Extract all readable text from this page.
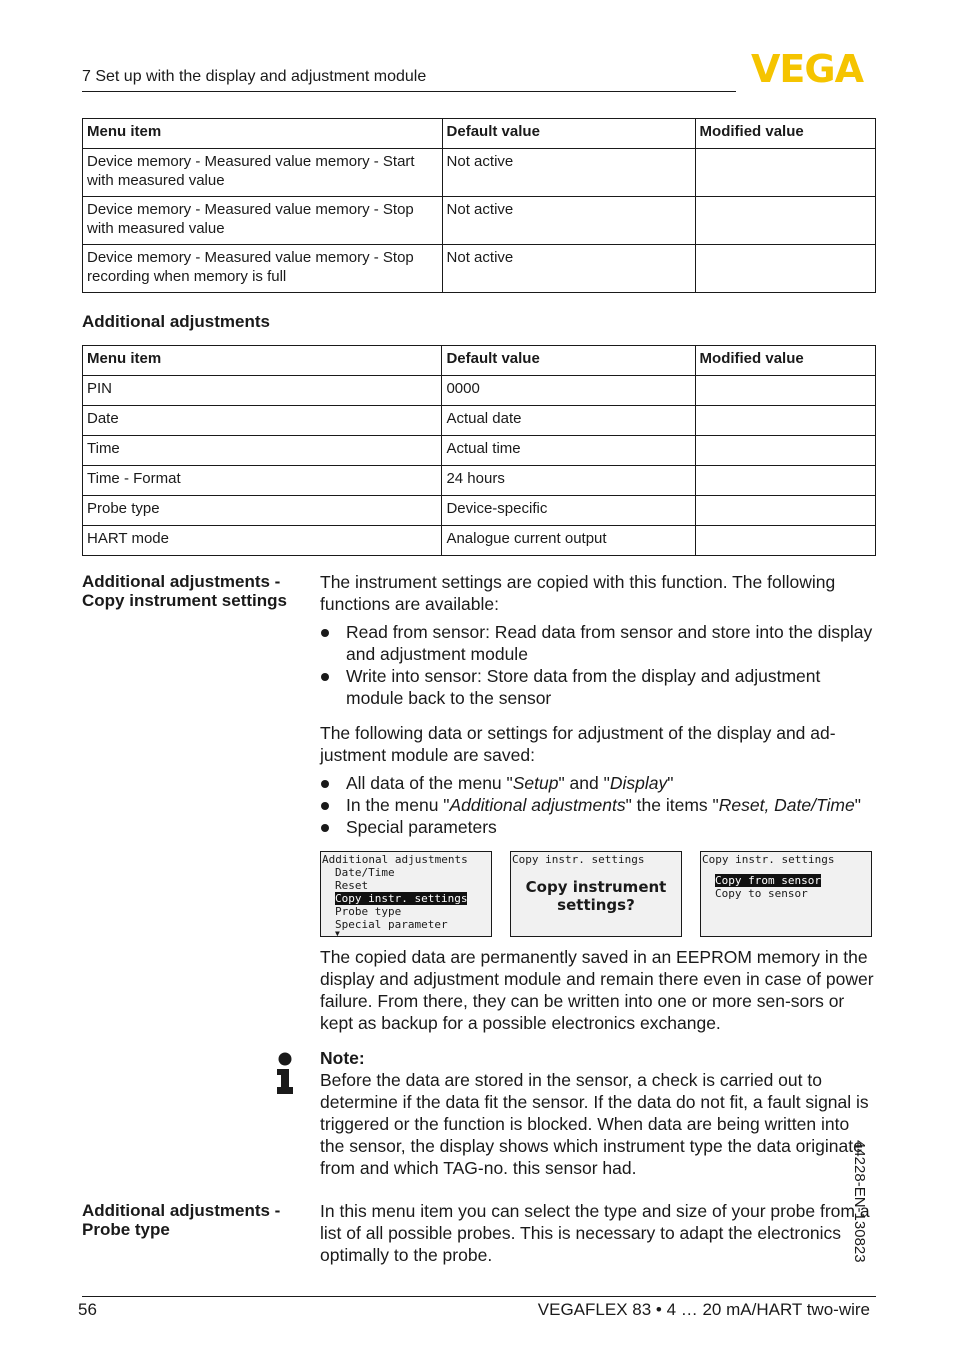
7 Set up with the display and adjustment module	VEGA
Menu item	Default value	Modified value
Device memory - Measured value memory - Start with measured value	Not active	
Device memory - Measured value memory - Stop with measured value	Not active	
Device memory - Measured value memory - Stop recording when memory is full	Not active	
Additional adjustments
Menu item	Default value	Modified value
PIN	0000	
Date	Actual date	
Time	Actual time	
Time - Format	24 hours	
Probe type	Device-specific	
HART mode	Analogue current output	
Additional adjustments -
Copy instrument settings

The instrument settings are copied with this function. The following functions are available:

Read from sensor: Read data from sensor and store into the display and adjustment module
Write into sensor: Store data from the display and adjustment module back to the sensor

The following data or settings for adjustment of the display and ad-justment module are saved:

All data of the menu "Setup" and "Display"
In the menu "Additional adjustments" the items "Reset, Date/Time"
Special parameters
Additional adjustments
Date/Time
Reset
Copy instr. settings
Probe type
Special parameter
▼
Copy instr. settings
Copy instrument
settings?
Copy instr. settings
Copy from sensor
Copy to sensor

The copied data are permanently saved in an EEPROM memory in the display and adjustment module and remain there even in case of power failure. From there, they can be written into one or more sen-sors or kept as backup for a possible electronics exchange.

Note:

Before the data are stored in the sensor, a check is carried out to determine if the data fit the sensor. If the data do not fit, a fault signal is triggered or the function is blocked. When data are being written into the sensor, the display shows which instrument type the data originate from and which TAG-no. this sensor had.

Additional adjustments -
Probe type

In this menu item you can select the type and size of your probe from a list of all possible probes. This is necessary to adapt the electronics optimally to the probe.	44228-EN-130823
56	VEGAFLEX 83 • 4 … 20 mA/HART two-wire
